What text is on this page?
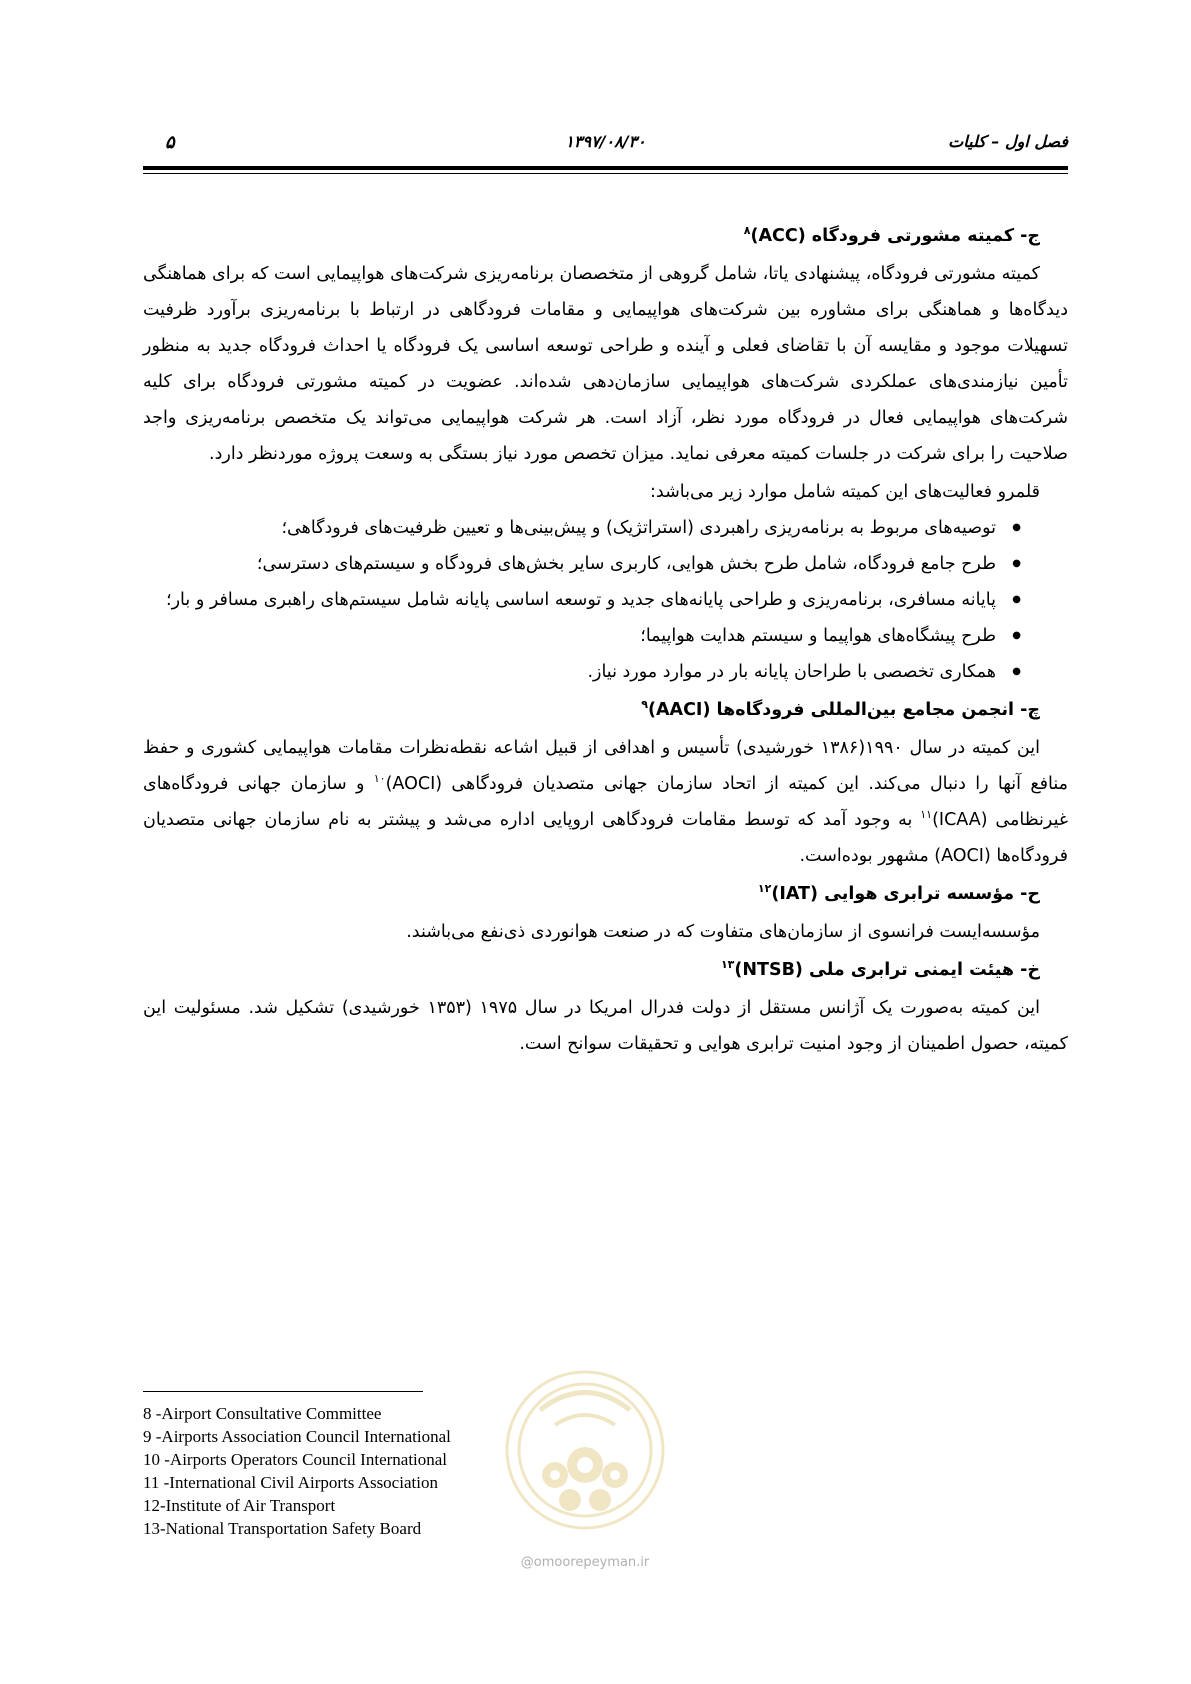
فصل اول – کلیات
۱۳۹۷/۰۸/۳۰
۵
ج- کمیته مشورتی فرودگاه (ACC)$^۸$

کمیته مشورتی فرودگاه، پیشنهادی یاتا، شامل گروهی از متخصصان برنامه‌ریزی شرکت‌های هواپیمایی است که برای هماهنگی دیدگاه‌ها و هماهنگی برای مشاوره بین شرکت‌های هواپیمایی و مقامات فرودگاهی در ارتباط با برنامه‌ریزی برآورد ظرفیت تسهیلات موجود و مقایسه آن با تقاضای فعلی و آینده و طراحی توسعه اساسی یک فرودگاه یا احداث فرودگاه جدید به منظور تأمین نیازمندی‌های عملکردی شرکت‌های هواپیمایی سازمان‌دهی شده‌اند. عضویت در کمیته مشورتی فرودگاه برای کلیه شرکت‌های هواپیمایی فعال در فرودگاه مورد نظر، آزاد است. هر شرکت هواپیمایی می‌تواند یک متخصص برنامه‌ریزی واجد صلاحیت را برای شرکت در جلسات کمیته معرفی نماید. میزان تخصص مورد نیاز بستگی به وسعت پروژه موردنظر دارد.

قلمرو فعالیت‌های این کمیته شامل موارد زیر می‌باشد:

● توصیه‌های مربوط به برنامه‌ریزی راهبردی (استراتژیک) و پیش‌بینی‌ها و تعیین ظرفیت‌های فرودگاهی؛
● طرح جامع فرودگاه، شامل طرح بخش هوایی، کاربری سایر بخش‌های فرودگاه و سیستم‌های دسترسی؛
● پایانه مسافری، برنامه‌ریزی و طراحی پایانه‌های جدید و توسعه اساسی پایانه شامل سیستم‌های راهبری مسافر و بار؛
● طرح پیشگاه‌های هواپیما و سیستم هدایت هواپیما؛
● همکاری تخصصی با طراحان پایانه بار در موارد مورد نیاز.
چ- انجمن مجامع بین‌المللی فرودگاه‌ها (AACI)$^۹$

این کمیته در سال ۱۹۹۰(۱۳۸۶ خورشیدی) تأسیس و اهدافی از قبیل اشاعه نقطه‌نظرات مقامات هواپیمایی کشوری و حفظ منافع آنها را دنبال می‌کند. این کمیته از اتحاد سازمان جهانی متصدیان فرودگاهی (AOCI)$^{۱۰}$ و سازمان جهانی فرودگاه‌های غیرنظامی (ICAA)$^{۱۱}$ به وجود آمد که توسط مقامات فرودگاهی اروپایی اداره می‌شد و پیشتر به نام سازمان جهانی متصدیان فرودگاه‌ها (AOCI) مشهور بوده‌است.

ح- مؤسسه ترابری هوایی (IAT)$^{۱۲}$

مؤسسه‌ایست فرانسوی از سازمان‌های متفاوت که در صنعت هوانوردی ذی‌نفع می‌باشند.

خ- هیئت ایمنی ترابری ملی (NTSB)$^{۱۳}$

این کمیته به‌صورت یک آژانس مستقل از دولت فدرال امریکا در سال ۱۹۷۵ (۱۳۵۳ خورشیدی) تشکیل شد. مسئولیت این کمیته، حصول اطمینان از وجود امنیت ترابری هوایی و تحقیقات سوانح است.

8 -Airport Consultative Committee
9 -Airports Association Council International
10 -Airports Operators Council International
11 -International Civil Airports Association
12-Institute of Air Transport
13-National Transportation Safety Board
@omoorepeyman.ir
